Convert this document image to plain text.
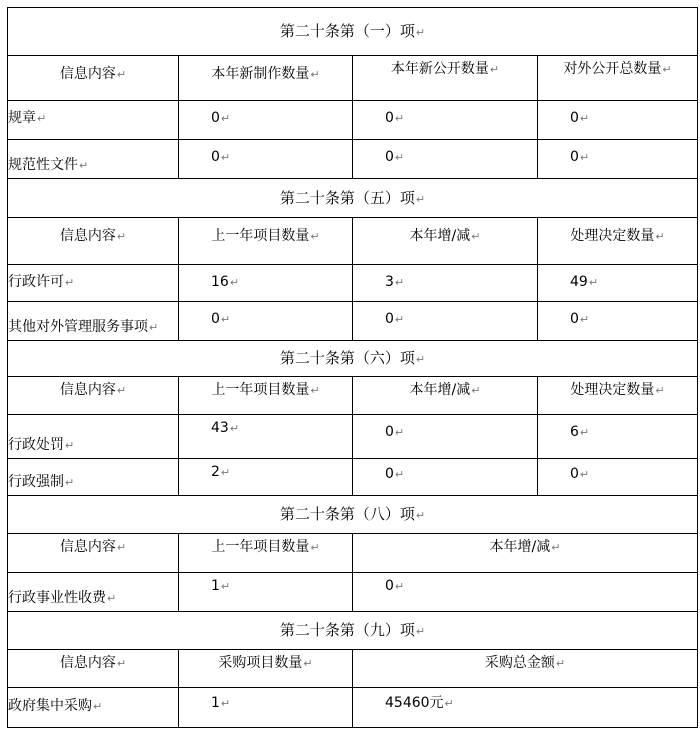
第二十条第（一）项↵			
信息内容↵	本年新制作数量↵	本年新公开数量↵	对外公开总数量↵
规章↵	0↵	0↵	0↵

规范性文件↵	0↵	0↵	0↵
第二十条第（五）项↵			
信息内容↵	上一年项目数量↵	本年增/减↵	处理决定数量↵
行政许可↵	16↵	3↵	49↵

其他对外管理服务事项↵	0↵	0↵	0↵
第二十条第（六）项↵			
信息内容↵	上一年项目数量↵	本年增/减↵	处理决定数量↵

行政处罚↵	43↵	0↵	6↵

行政强制↵	2↵	0↵	0↵
第二十条第（八）项↵			
信息内容↵	上一年项目数量↵	本年增/减↵	

行政事业性收费↵	1↵	0↵	
第二十条第（九）项↵			
信息内容↵	采购项目数量↵	采购总金额↵	

政府集中采购↵	1↵	45460元↵	
